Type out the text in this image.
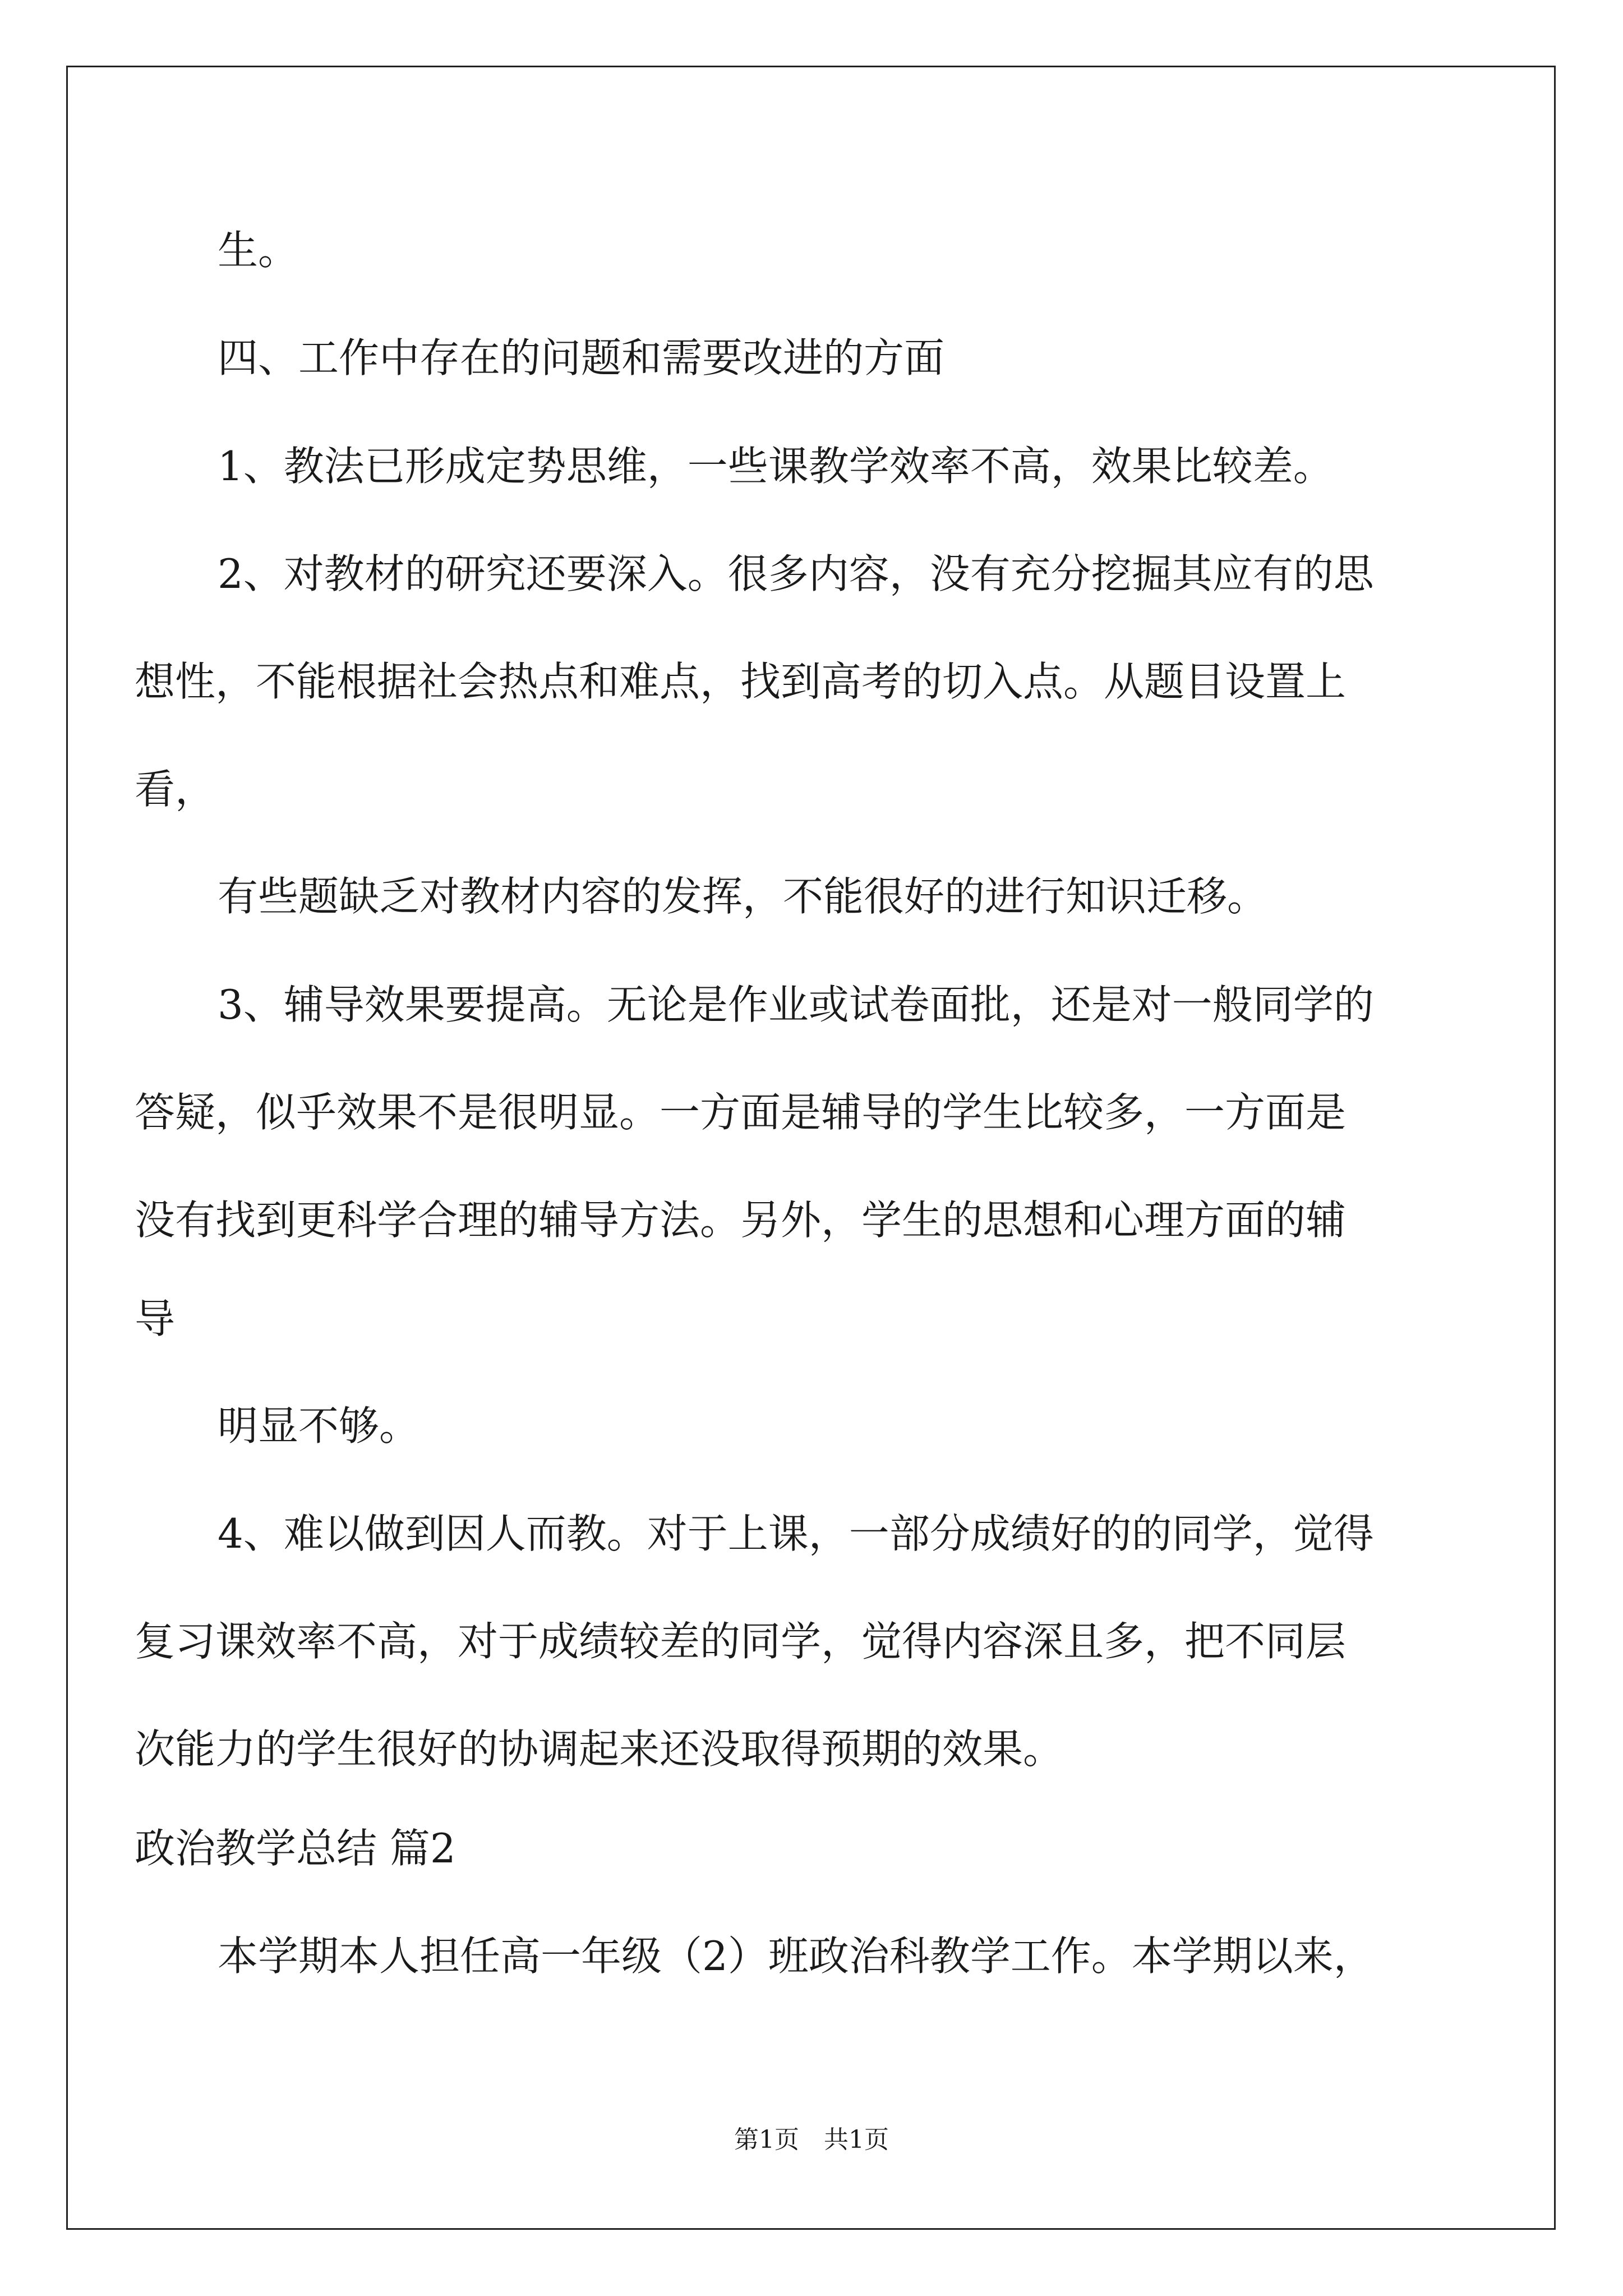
生。
四、工作中存在的问题和需要改进的方面
1、教法已形成定势思维，一些课教学效率不高，效果比较差。
2、对教材的研究还要深入。很多内容，没有充分挖掘其应有的思
想性，不能根据社会热点和难点，找到高考的切入点。从题目设置上
看，
有些题缺乏对教材内容的发挥，不能很好的进行知识迁移。
3、辅导效果要提高。无论是作业或试卷面批，还是对一般同学的
答疑，似乎效果不是很明显。一方面是辅导的学生比较多，一方面是
没有找到更科学合理的辅导方法。另外，学生的思想和心理方面的辅
导
明显不够。
4、难以做到因人而教。对于上课，一部分成绩好的的同学，觉得
复习课效率不高，对于成绩较差的同学，觉得内容深且多，把不同层
次能力的学生很好的协调起来还没取得预期的效果。
政治教学总结 篇2
本学期本人担任高一年级（2）班政治科教学工作。本学期以来，
第1页　共1页
